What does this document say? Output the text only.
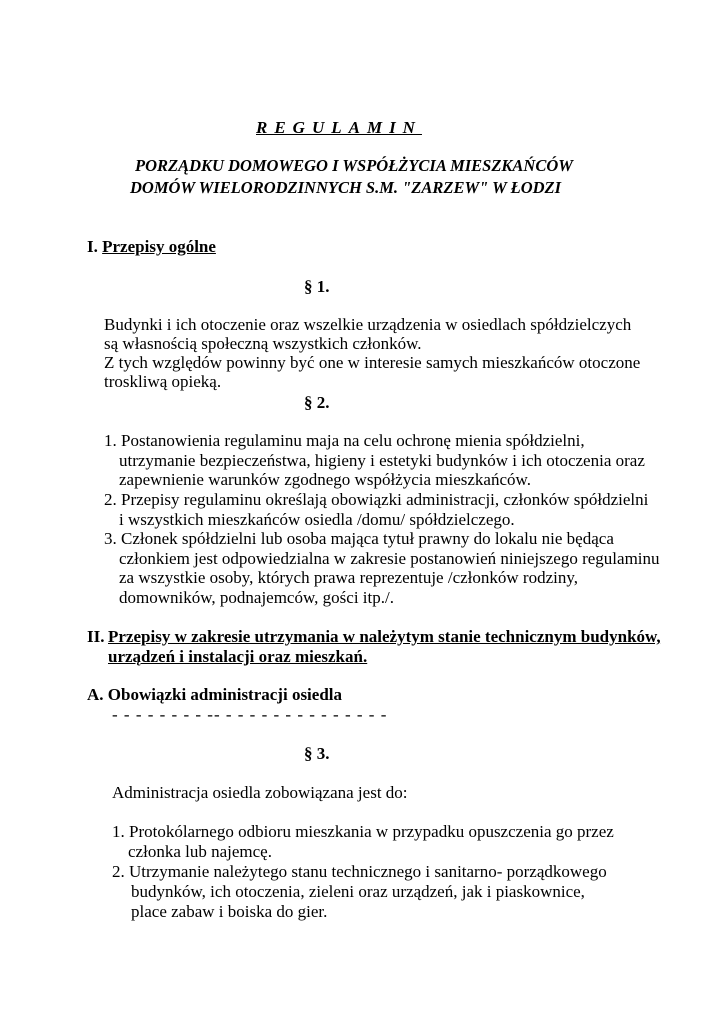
REGULAMIN
PORZĄDKU DOMOWEGO I WSPÓŁŻYCIA MIESZKAŃCÓW
DOMÓW WIELORODZINNYCH S.M. "ZARZEW" W ŁODZI
I. Przepisy ogólne
§ 1.
Budynki i ich otoczenie oraz wszelkie urządzenia w osiedlach spółdzielczych
są własnością społeczną wszystkich członków.
Z tych względów powinny być one w interesie samych mieszkańców otoczone
troskliwą opieką.
§ 2.
1. Postanowienia regulaminu maja na celu ochronę mienia spółdzielni,
utrzymanie bezpieczeństwa, higieny i estetyki budynków i ich otoczenia oraz
zapewnienie warunków zgodnego współżycia mieszkańców.
2. Przepisy regulaminu określają obowiązki administracji, członków spółdzielni
i wszystkich mieszkańców osiedla /domu/ spółdzielczego.
3. Członek spółdzielni lub osoba mająca tytuł prawny do lokalu nie będąca
członkiem jest odpowiedzialna w zakresie postanowień niniejszego regulaminu
za wszystkie osoby, których prawa reprezentuje /członków rodziny,
domowników, podnajemców, gości itp./.
II. Przepisy w zakresie utrzymania w należytym stanie technicznym budynków,
urządzeń i instalacji oraz mieszkań.
A. Obowiązki administracji osiedla
- - - - - - - - -- - - - - - - - - - - - - - -
§ 3.
Administracja osiedla zobowiązana jest do:
1. Protokólarnego odbioru mieszkania w przypadku opuszczenia go przez
członka lub najemcę.
2. Utrzymanie należytego stanu technicznego i sanitarno- porządkowego
budynków, ich otoczenia, zieleni oraz urządzeń, jak i piaskownice,
place zabaw i boiska do gier.
